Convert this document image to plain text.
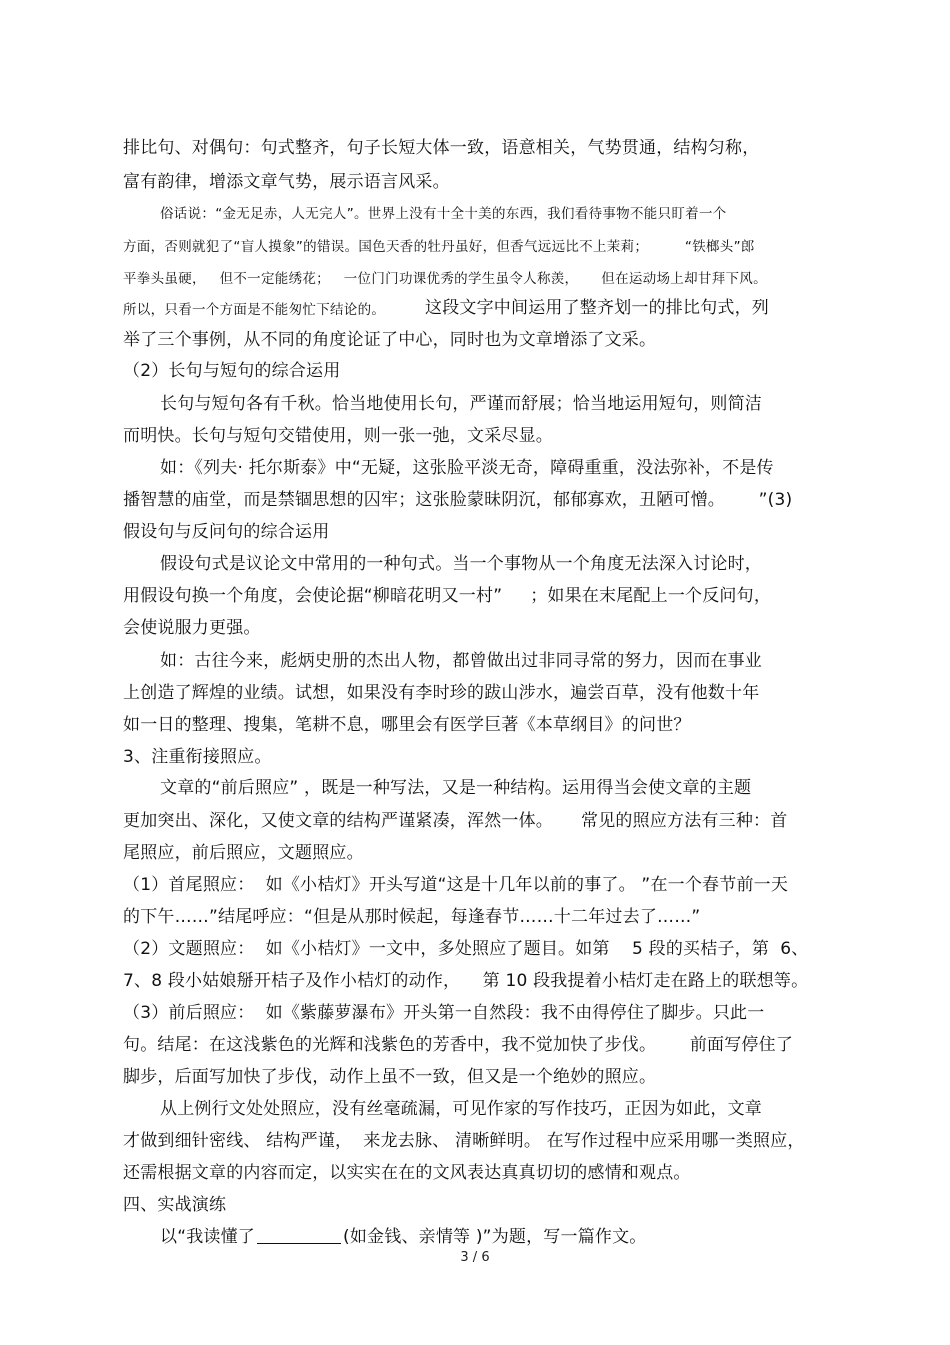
排比句、对偶句：句式整齐，句子长短大体一致，语意相关，气势贯通，结构匀称，
富有韵律，增添文章气势，展示语言风采。
俗话说：“金无足赤，人无完人”。世界上没有十全十美的东西，我们看待事物不能只盯着一个
方面，否则就犯了“盲人摸象”的错误。国色天香的牡丹虽好，但香气远远比不上茉莉；        “铁榔头”郎
平拳头虽硬，   但不一定能绣花；   一位门门功课优秀的学生虽令人称羡，     但在运动场上却甘拜下风。
所以，只看一个方面是不能匆忙下结论的。 这段文字中间运用了整齐划一的排比句式，列
举了三个事例，从不同的角度论证了中心，同时也为文章增添了文采。
（2）长句与短句的综合运用
长句与短句各有千秋。恰当地使用长句，严谨而舒展；恰当地运用短句，则简洁
而明快。长句与短句交错使用，则一张一弛，文采尽显。
如：《列夫· 托尔斯泰》中“无疑，这张脸平淡无奇，障碍重重，没法弥补，不是传
播智慧的庙堂，而是禁锢思想的囚牢；这张脸蒙昧阴沉，郁郁寡欢，丑陋可憎。      ”(3)
假设句与反问句的综合运用
假设句式是议论文中常用的一种句式。当一个事物从一个角度无法深入讨论时，
用假设句换一个角度，会使论据“柳暗花明又一村”     ；如果在末尾配上一个反问句，
会使说服力更强。
如：古往今来，彪炳史册的杰出人物，都曾做出过非同寻常的努力，因而在事业
上创造了辉煌的业绩。试想，如果没有李时珍的跋山涉水，遍尝百草，没有他数十年
如一日的整理、搜集，笔耕不息，哪里会有医学巨著《本草纲目》的问世？
3、注重衔接照应。
文章的“前后照应” ，既是一种写法，又是一种结构。运用得当会使文章的主题
更加突出、深化，又使文章的结构严谨紧凑，浑然一体。     常见的照应方法有三种：首
尾照应，前后照应，文题照应。
（1）首尾照应：  如《小桔灯》开头写道“这是十几年以前的事了。 ”在一个春节前一天
的下午……”结尾呼应：“但是从那时候起，每逢春节……十二年过去了……”
（2）文题照应：  如《小桔灯》一文中，多处照应了题目。如第    5 段的买桔子，第  6、
7、8 段小姑娘掰开桔子及作小桔灯的动作，    第 10 段我提着小桔灯走在路上的联想等。
（3）前后照应：  如《紫藤萝瀑布》开头第一自然段：我不由得停住了脚步。只此一
句。结尾：在这浅紫色的光辉和浅紫色的芳香中，我不觉加快了步伐。      前面写停住了
脚步，后面写加快了步伐，动作上虽不一致，但又是一个绝妙的照应。
从上例行文处处照应，没有丝毫疏漏，可见作家的写作技巧，正因为如此，文章
才做到细针密线、 结构严谨，  来龙去脉、 清晰鲜明。 在写作过程中应采用哪一类照应，
还需根据文章的内容而定，以实实在在的文风表达真真切切的感情和观点。
四、实战演练
以“我读懂了	(如金钱、亲情等 )”为题，写一篇作文。
3 / 6
